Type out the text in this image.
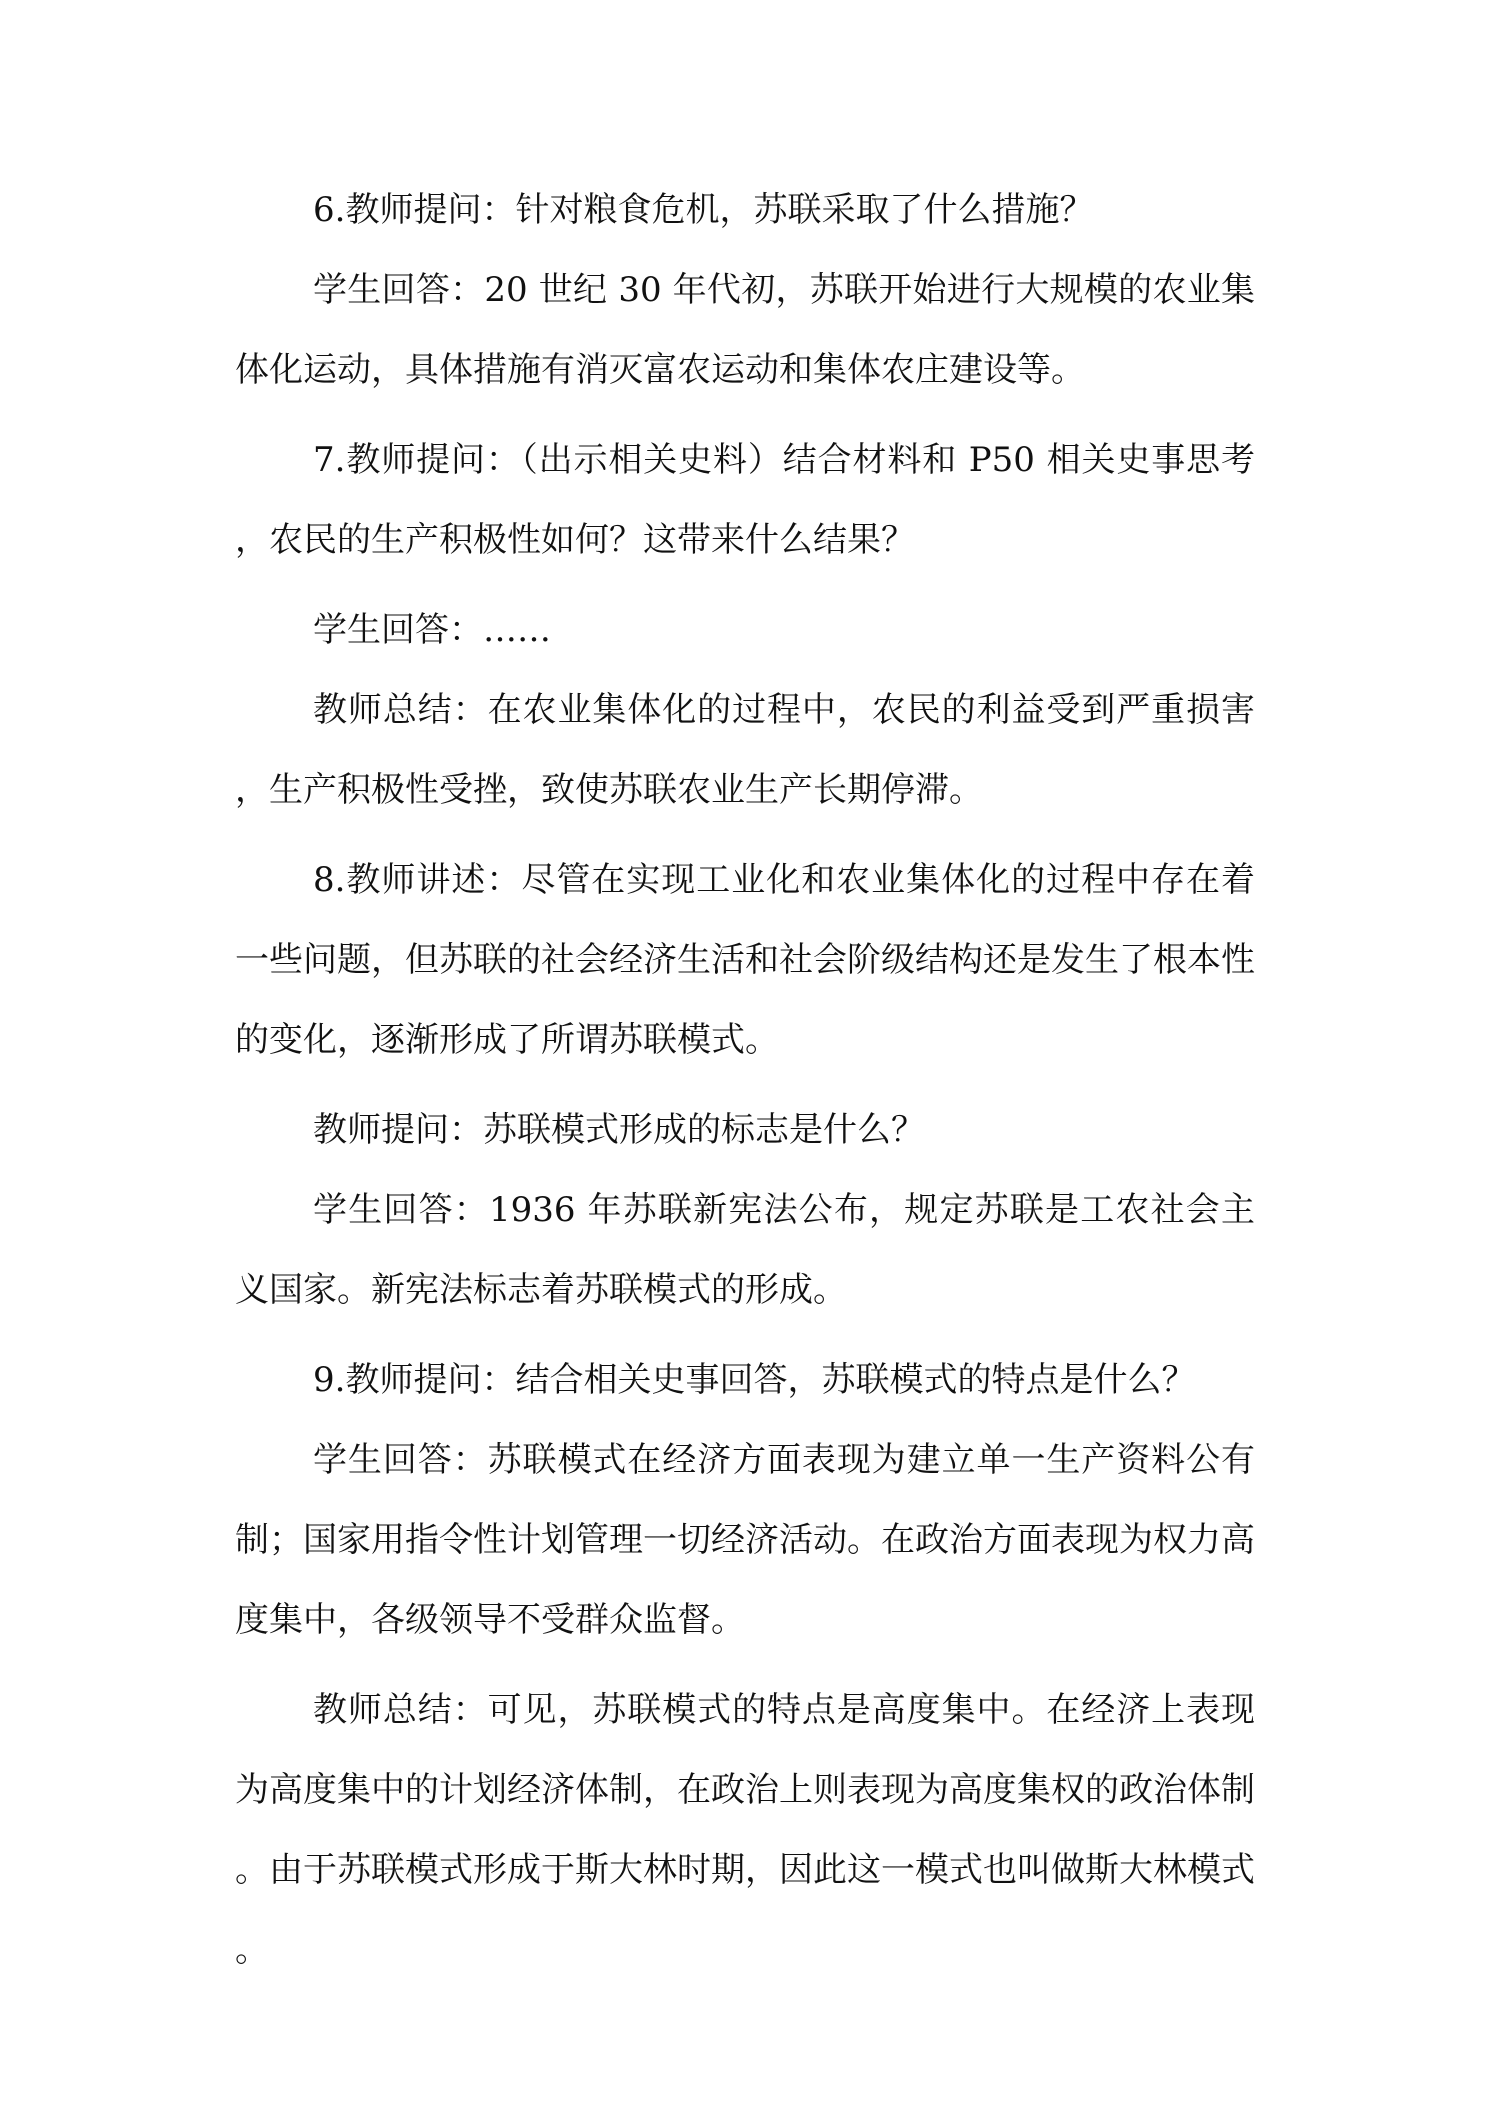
6.教师提问：针对粮食危机，苏联采取了什么措施？

学生回答：20 世纪 30 年代初，苏联开始进行大规模的农业集体化运动，具体措施有消灭富农运动和集体农庄建设等。

7.教师提问：（出示相关史料）结合材料和 P50 相关史事思考，农民的生产积极性如何？这带来什么结果？

学生回答：……

教师总结：在农业集体化的过程中，农民的利益受到严重损害，生产积极性受挫，致使苏联农业生产长期停滞。

8.教师讲述：尽管在实现工业化和农业集体化的过程中存在着一些问题，但苏联的社会经济生活和社会阶级结构还是发生了根本性的变化，逐渐形成了所谓苏联模式。

教师提问：苏联模式形成的标志是什么？

学生回答：1936 年苏联新宪法公布，规定苏联是工农社会主义国家。新宪法标志着苏联模式的形成。

9.教师提问：结合相关史事回答，苏联模式的特点是什么？

学生回答：苏联模式在经济方面表现为建立单一生产资料公有制；国家用指令性计划管理一切经济活动。在政治方面表现为权力高度集中，各级领导不受群众监督。

教师总结：可见，苏联模式的特点是高度集中。在经济上表现为高度集中的计划经济体制，在政治上则表现为高度集权的政治体制。由于苏联模式形成于斯大林时期，因此这一模式也叫做斯大林模式。
